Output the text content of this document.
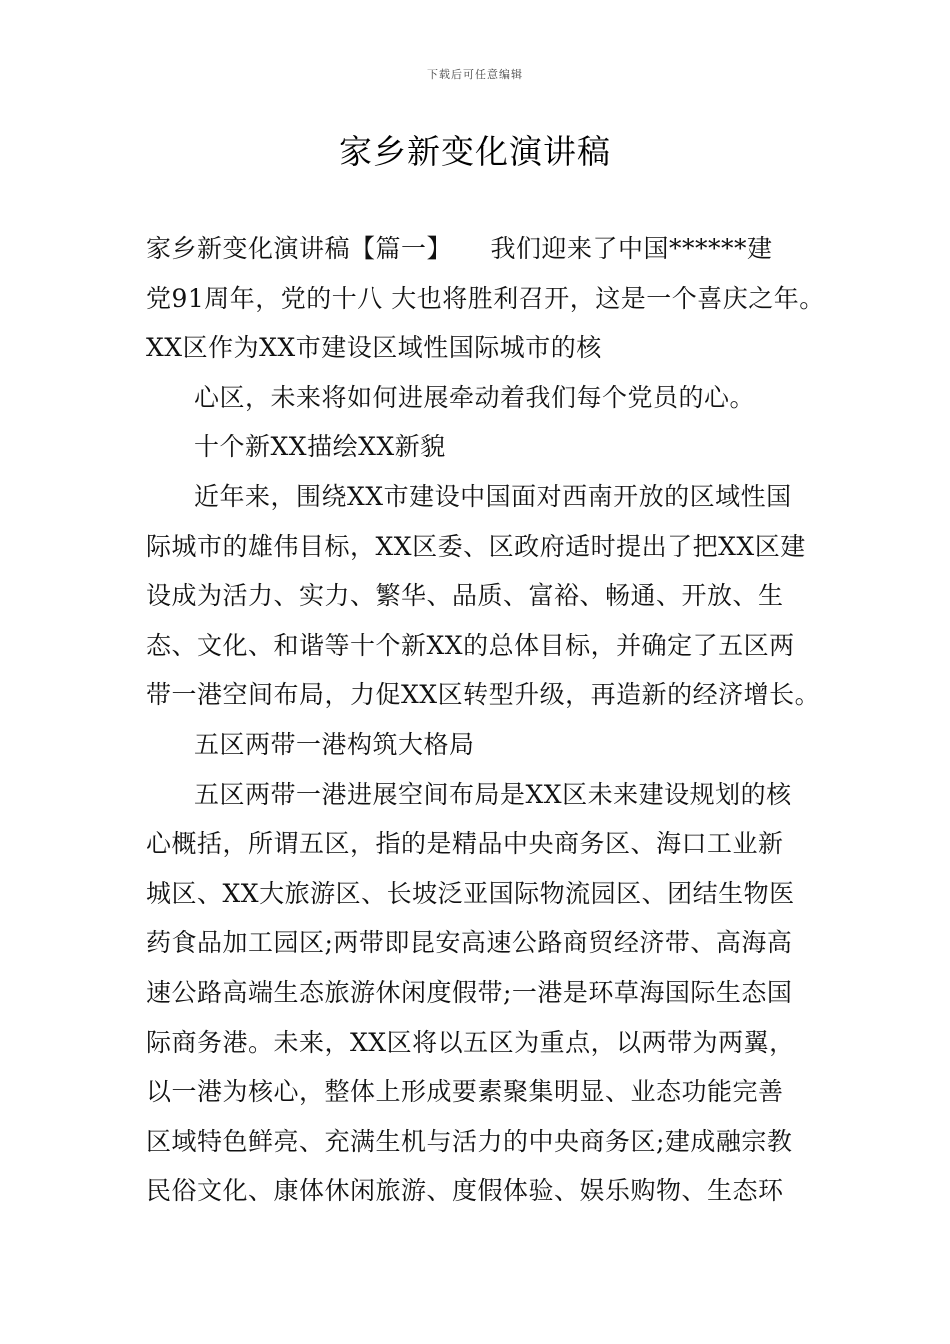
下载后可任意编辑
家乡新变化演讲稿
家乡新变化演讲稿【篇一】　　我们迎来了中国******建
党91周年，党的十八 大也将胜利召开，这是一个喜庆之年。
XX区作为XX市建设区域性国际城市的核
心区，未来将如何进展牵动着我们每个党员的心。
十个新XX描绘XX新貌
近年来，围绕XX市建设中国面对西南开放的区域性国
际城市的雄伟目标，XX区委、区政府适时提出了把XX区建
设成为活力、实力、繁华、品质、富裕、畅通、开放、生
态、文化、和谐等十个新XX的总体目标，并确定了五区两
带一港空间布局，力促XX区转型升级，再造新的经济增长。
五区两带一港构筑大格局
五区两带一港进展空间布局是XX区未来建设规划的核
心概括，所谓五区，指的是精品中央商务区、海口工业新
城区、XX大旅游区、长坡泛亚国际物流园区、团结生物医
药食品加工园区;两带即昆安高速公路商贸经济带、高海高
速公路高端生态旅游休闲度假带;一港是环草海国际生态国
际商务港。未来，XX区将以五区为重点，以两带为两翼，
以一港为核心，整体上形成要素聚集明显、业态功能完善
区域特色鲜亮、充满生机与活力的中央商务区;建成融宗教
民俗文化、康体休闲旅游、度假体验、娱乐购物、生态环
